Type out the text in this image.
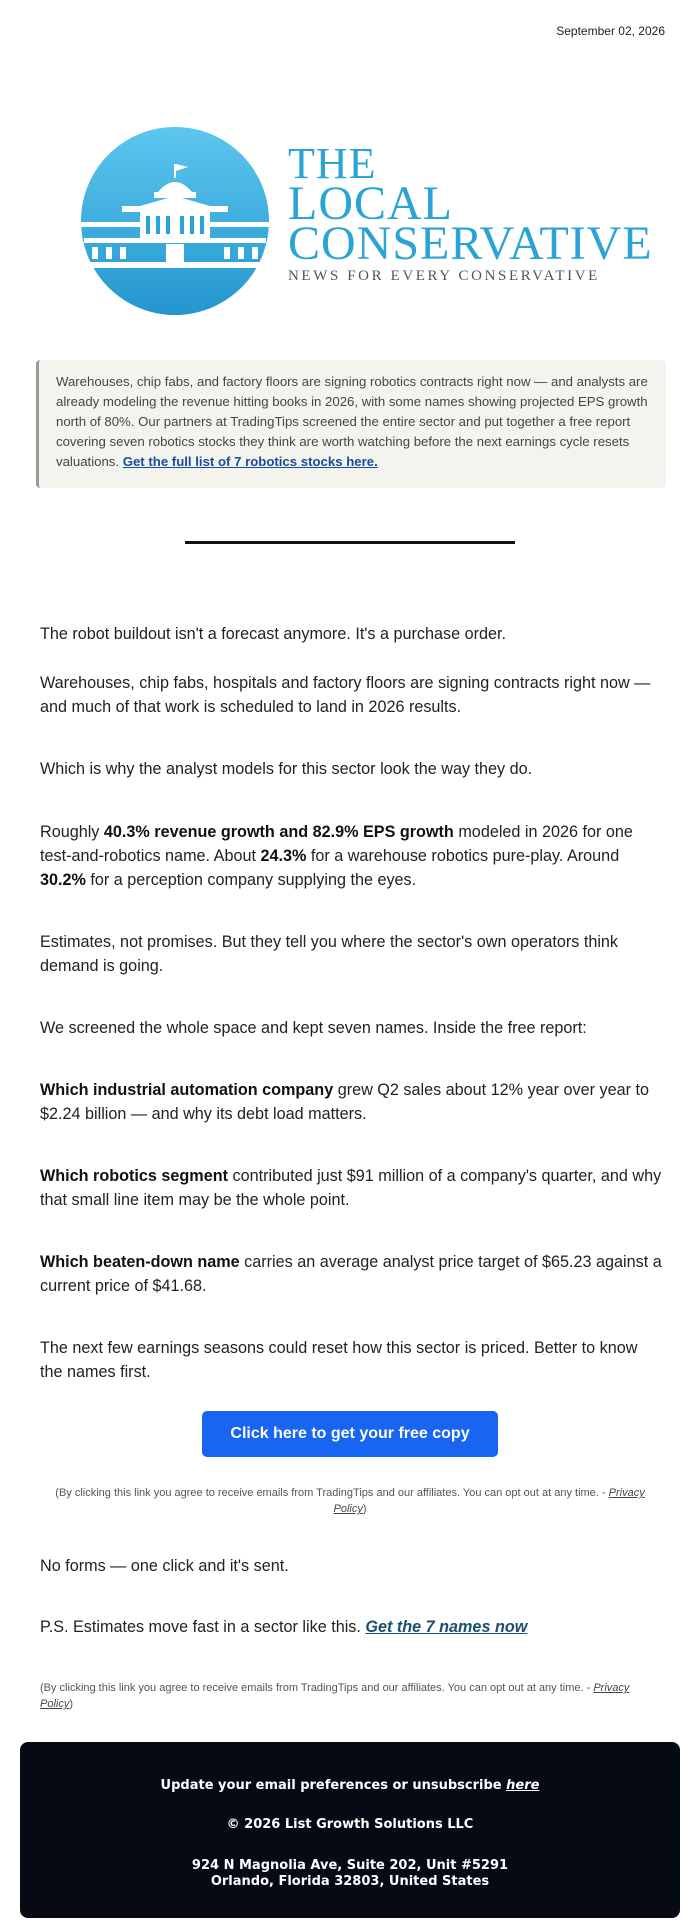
September 02, 2026
THE
LOCAL
CONSERVATIVE
NEWS FOR EVERY CONSERVATIVE
Warehouses, chip fabs, and factory floors are signing robotics contracts right now — and analysts are already modeling the revenue hitting books in 2026, with some names showing projected EPS growth north of 80%. Our partners at TradingTips screened the entire sector and put together a free report covering seven robotics stocks they think are worth watching before the next earnings cycle resets valuations. Get the full list of 7 robotics stocks here.

The robot buildout isn't a forecast anymore. It's a purchase order.

Warehouses, chip fabs, hospitals and factory floors are signing contracts right now — and much of that work is scheduled to land in 2026 results.

Which is why the analyst models for this sector look the way they do.

Roughly 40.3% revenue growth and 82.9% EPS growth modeled in 2026 for one test-and-robotics name. About 24.3% for a warehouse robotics pure-play. Around 30.2% for a perception company supplying the eyes.

Estimates, not promises. But they tell you where the sector's own operators think demand is going.

We screened the whole space and kept seven names. Inside the free report:

Which industrial automation company grew Q2 sales about 12% year over year to $2.24 billion — and why its debt load matters.

Which robotics segment contributed just $91 million of a company's quarter, and why that small line item may be the whole point.

Which beaten-down name carries an average analyst price target of $65.23 against a current price of $41.68.

The next few earnings seasons could reset how this sector is priced. Better to know the names first.

Click here to get your free copy
(By clicking this link you agree to receive emails from TradingTips and our affiliates. You can opt out at any time. - Privacy Policy)

No forms — one click and it's sent.

P.S. Estimates move fast in a sector like this. Get the 7 names now

(By clicking this link you agree to receive emails from TradingTips and our affiliates. You can opt out at any time. - Privacy Policy)
Update your email preferences or unsubscribe here
© 2026 List Growth Solutions LLC
924 N Magnolia Ave, Suite 202, Unit #5291
Orlando, Florida 32803, United States
